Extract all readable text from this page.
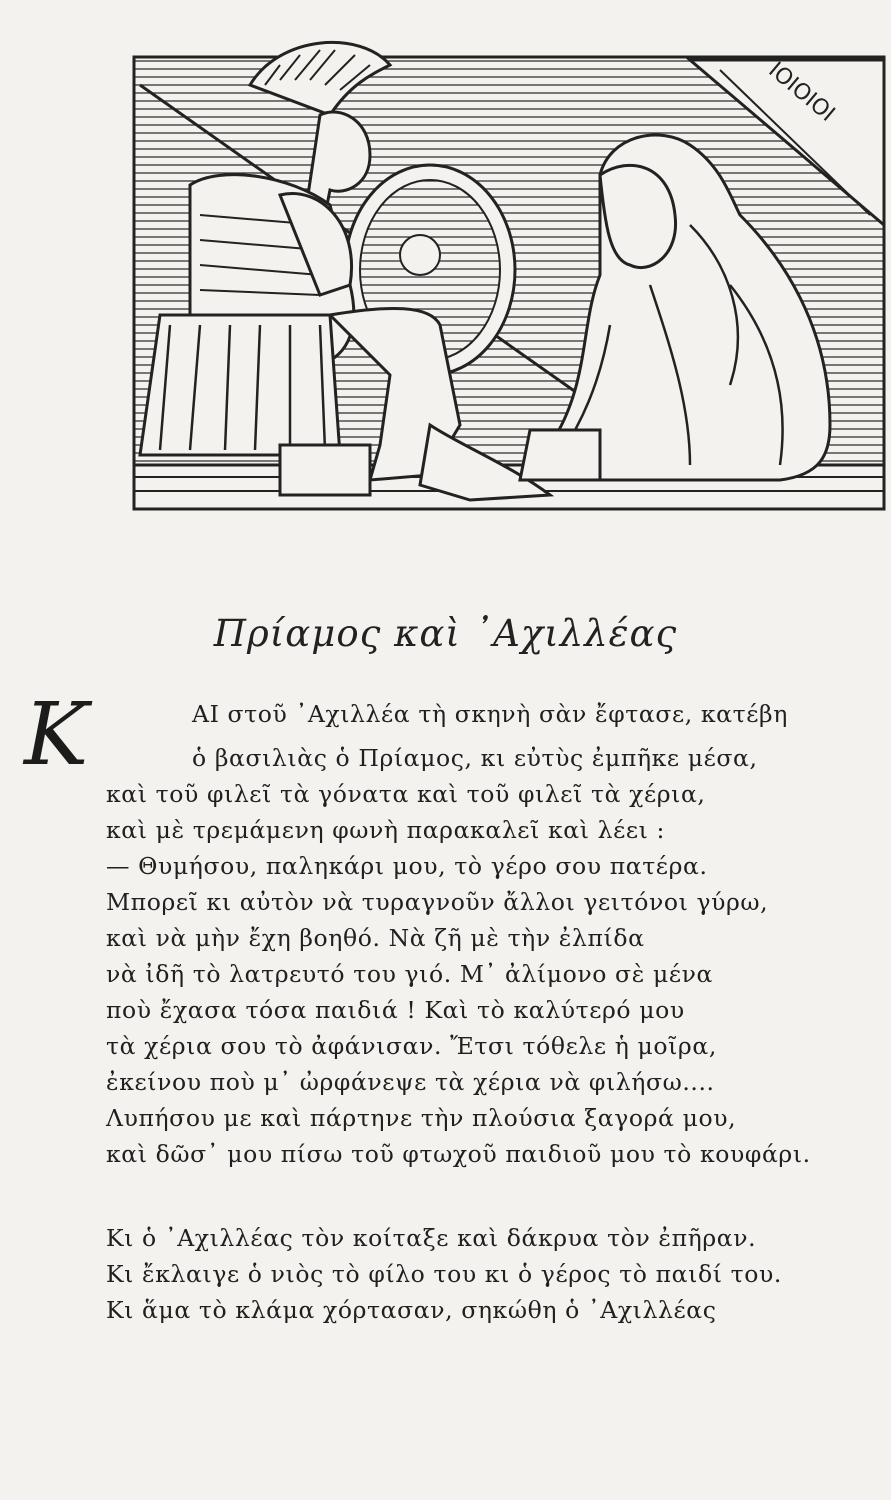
ΙΟΙΟΙΟΙ
Πρίαμος καὶ ᾿Αχιλλέας
Κ	ΑΙ στοῦ ᾿Αχιλλέα τὴ σκηνὴ σὰν ἔφτασε, κατέβη
ὁ βασιλιὰς ὁ Πρίαμος, κι εὐτὺς ἐμπῆκε μέσα,
καὶ τοῦ φιλεῖ τὰ γόνατα καὶ τοῦ φιλεῖ τὰ χέρια,
καὶ μὲ τρεμάμενη φωνὴ παρακαλεῖ καὶ λέει :
— Θυμήσου, παληκάρι μου, τὸ γέρο σου πατέρα.
Μπορεῖ κι αὐτὸν νὰ τυραγνοῦν ἄλλοι γειτόνοι γύρω,
καὶ νὰ μὴν ἔχη βοηθό. Νὰ ζῆ μὲ τὴν ἐλπίδα
νὰ ἰδῆ τὸ λατρευτό του γιό. Μ᾿ ἀλίμονο σὲ μένα
ποὺ ἔχασα τόσα παιδιά ! Καὶ τὸ καλύτερό μου
τὰ χέρια σου τὸ ἀφάνισαν. Ἔτσι τόθελε ἡ μοῖρα,
ἐκείνου ποὺ μ᾿ ὠρφάνεψε τὰ χέρια νὰ φιλήσω....
Λυπήσου με καὶ πάρτηνε τὴν πλούσια ξαγορά μου,
καὶ δῶσ᾿ μου πίσω τοῦ φτωχοῦ παιδιοῦ μου τὸ κουφάρι.
Κι ὁ ᾿Αχιλλέας τὸν κοίταξε καὶ δάκρυα τὸν ἐπῆραν.
Κι ἔκλαιγε ὁ νιὸς τὸ φίλο του κι ὁ γέρος τὸ παιδί του.
Κι ἅμα τὸ κλάμα χόρτασαν, σηκώθη ὁ ᾿Αχιλλέας
